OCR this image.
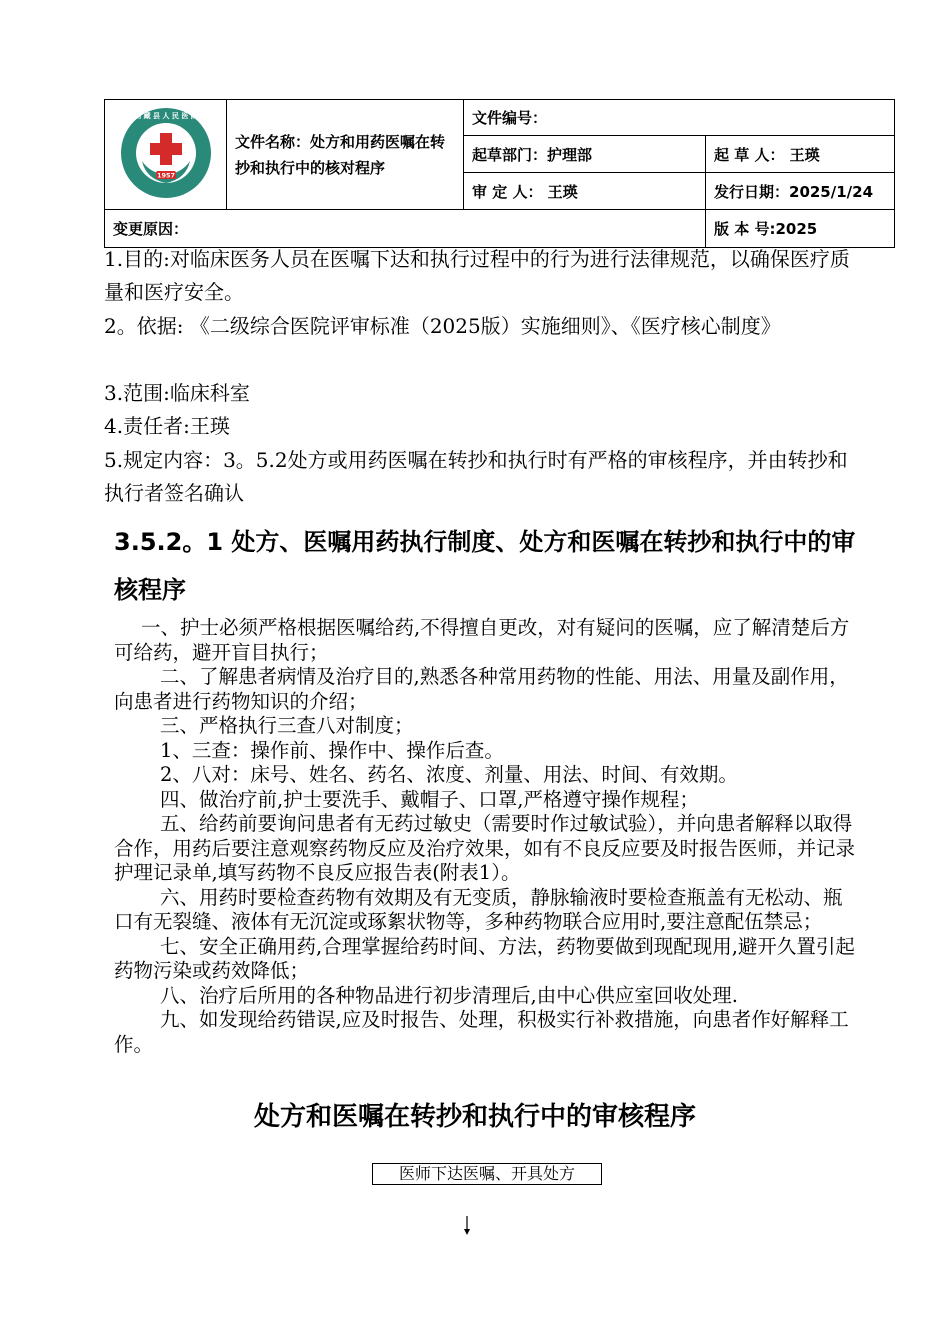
1957
西 藏 县 人 民 医 院	文件名称：处方和用药医嘱在转抄和执行中的核对程序	文件编号：	
		起草部门：护理部	起 草 人： 王瑛
		审 定 人： 王瑛	发行日期：2025/1/24
变更原因：			版 本 号:2025

1.目的:对临床医务人员在医嘱下达和执行过程中的行为进行法律规范，以确保医疗质量和医疗安全。

2。依据: 《二级综合医院评审标准（2025版）实施细则》、《医疗核心制度》

3.范围:临床科室

4.责任者:王瑛

5.规定内容：3。5.2处方或用药医嘱在转抄和执行时有严格的审核程序，并由转抄和执行者签名确认

3.5.2。1 处方、医嘱用药执行制度、处方和医嘱在转抄和执行中的审核程序

一、护士必须严格根据医嘱给药,不得擅自更改，对有疑问的医嘱，应了解清楚后方可给药，避开盲目执行；

二、了解患者病情及治疗目的,熟悉各种常用药物的性能、用法、用量及副作用，向患者进行药物知识的介绍；

三、严格执行三查八对制度；

1、三查：操作前、操作中、操作后查。

2、八对：床号、姓名、药名、浓度、剂量、用法、时间、有效期。

四、做治疗前,护士要洗手、戴帽子、口罩,严格遵守操作规程；

五、给药前要询问患者有无药过敏史（需要时作过敏试验），并向患者解释以取得合作，用药后要注意观察药物反应及治疗效果，如有不良反应要及时报告医师，并记录护理记录单,填写药物不良反应报告表(附表1）。

六、用药时要检查药物有效期及有无变质，静脉输液时要检查瓶盖有无松动、瓶口有无裂缝、液体有无沉淀或琢絮状物等，多种药物联合应用时,要注意配伍禁忌；

七、安全正确用药,合理掌握给药时间、方法，药物要做到现配现用,避开久置引起药物污染或药效降低；

八、治疗后所用的各种物品进行初步清理后,由中心供应室回收处理.

九、如发现给药错误,应及时报告、处理，积极实行补救措施，向患者作好解释工作。

处方和医嘱在转抄和执行中的审核程序
医师下达医嘱、开具处方
